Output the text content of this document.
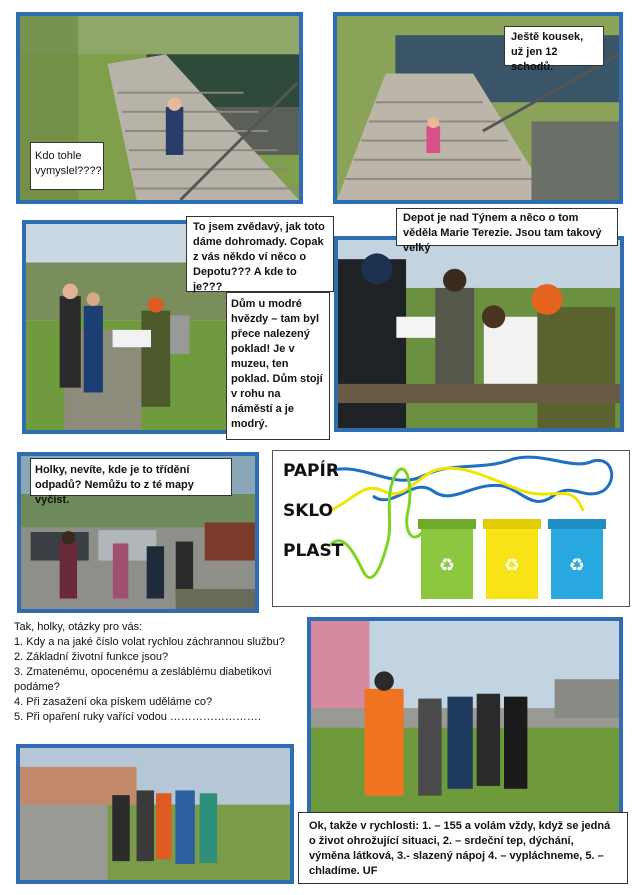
Kdo tohle vymyslel????
Ještě kousek, už jen 12 schodů.
To jsem zvědavý, jak toto dáme dohromady. Copak z vás někdo ví něco o Depotu??? A kde to je???
Depot je nad Týnem a něco o tom věděla Marie Terezie. Jsou tam takový velký
Dům u modré hvězdy – tam byl přece nalezený poklad! Je v muzeu, ten poklad. Dům stojí v rohu na náměstí a je modrý.
Holky, nevíte, kde je to třídění odpadů? Nemůžu to z té mapy vyčíst.
♻	♻	♻
PAPÍR
SKLO
PLAST
Tak, holky, otázky pro vás:
1. Kdy a na jaké číslo volat rychlou záchrannou službu?
2. Základní životní funkce jsou?
3. Zmatenému, opocenému a zesláblému diabetikovi podáme?
4. Při zasažení oka pískem uděláme co?
5. Při opaření ruky vařící vodou …………………….
Ok, takže v rychlosti: 1. – 155 a volám vždy, když se jedná o život ohrožující situaci, 2. – srdeční tep, dýchání, výměna látková, 3.- slazený nápoj 4. – vypláchneme, 5. – chladíme. UF
